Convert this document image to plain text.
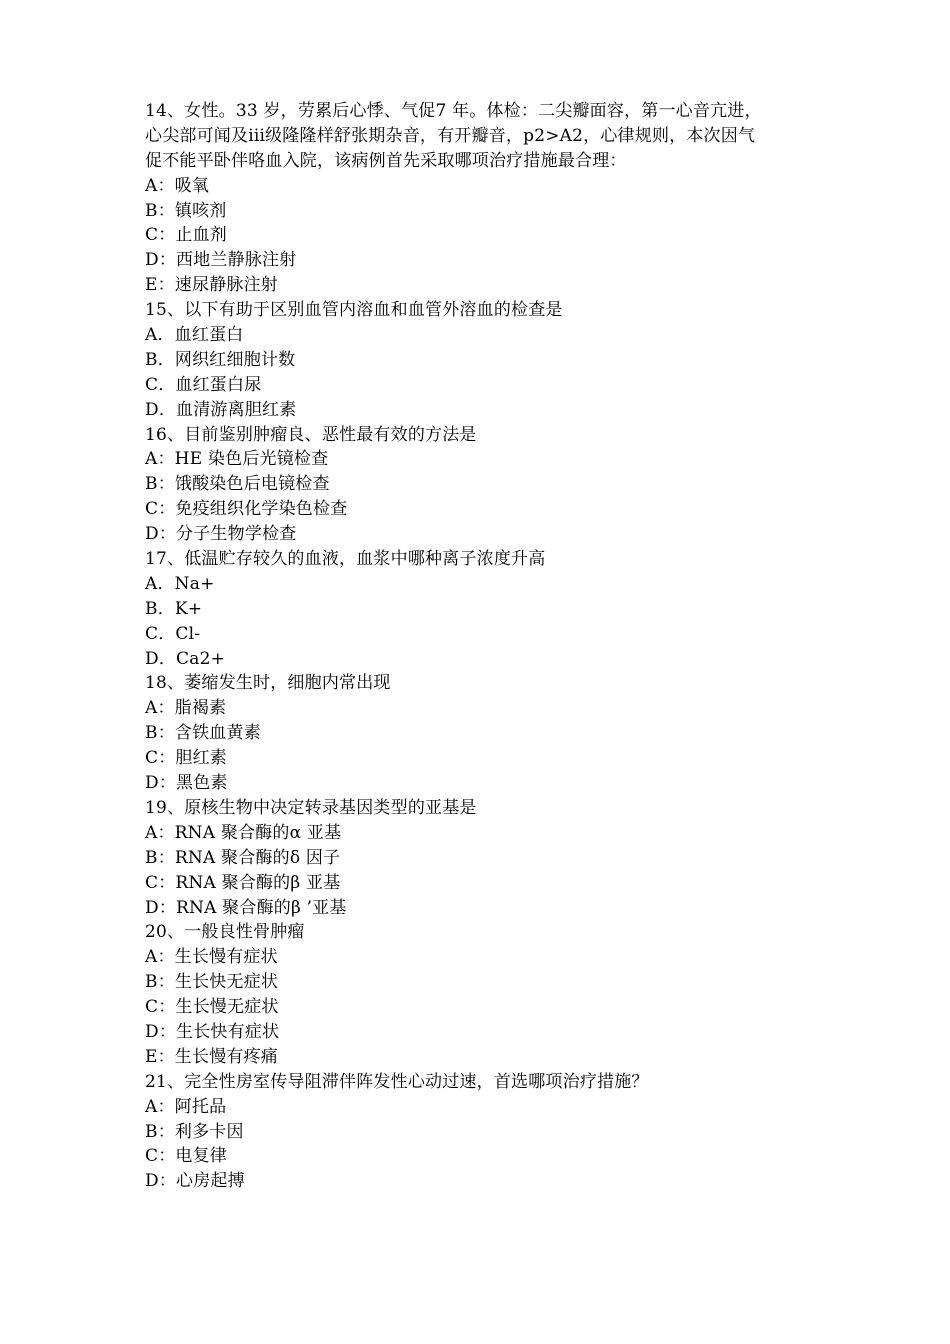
14、女性。33 岁，劳累后心悸、气促7 年。体检：二尖瓣面容，第一心音亢进，
心尖部可闻及iii级隆隆样舒张期杂音，有开瓣音，p2>A2，心律规则，本次因气
促不能平卧伴咯血入院，该病例首先采取哪项治疗措施最合理：
A：吸氧
B：镇咳剂
C：止血剂
D：西地兰静脉注射
E：速尿静脉注射
15、以下有助于区别血管内溶血和血管外溶血的检查是
A．血红蛋白
B．网织红细胞计数
C．血红蛋白尿
D．血清游离胆红素
16、目前鉴别肿瘤良、恶性最有效的方法是
A：HE 染色后光镜检查
B：饿酸染色后电镜检查
C：免疫组织化学染色检查
D：分子生物学检查
17、低温贮存较久的血液，血浆中哪种离子浓度升高
A．Na+
B．K+
C．Cl-
D．Ca2+
18、萎缩发生时，细胞内常出现
A：脂褐素
B：含铁血黄素
C：胆红素
D：黑色素
19、原核生物中决定转录基因类型的亚基是
A：RNA 聚合酶的α 亚基
B：RNA 聚合酶的δ 因子
C：RNA 聚合酶的β 亚基
D：RNA 聚合酶的β ’亚基
20、一般良性骨肿瘤
A：生长慢有症状
B：生长快无症状
C：生长慢无症状
D：生长快有症状
E：生长慢有疼痛
21、完全性房室传导阻滞伴阵发性心动过速，首选哪项治疗措施？
A：阿托品
B：利多卡因
C：电复律
D：心房起搏
